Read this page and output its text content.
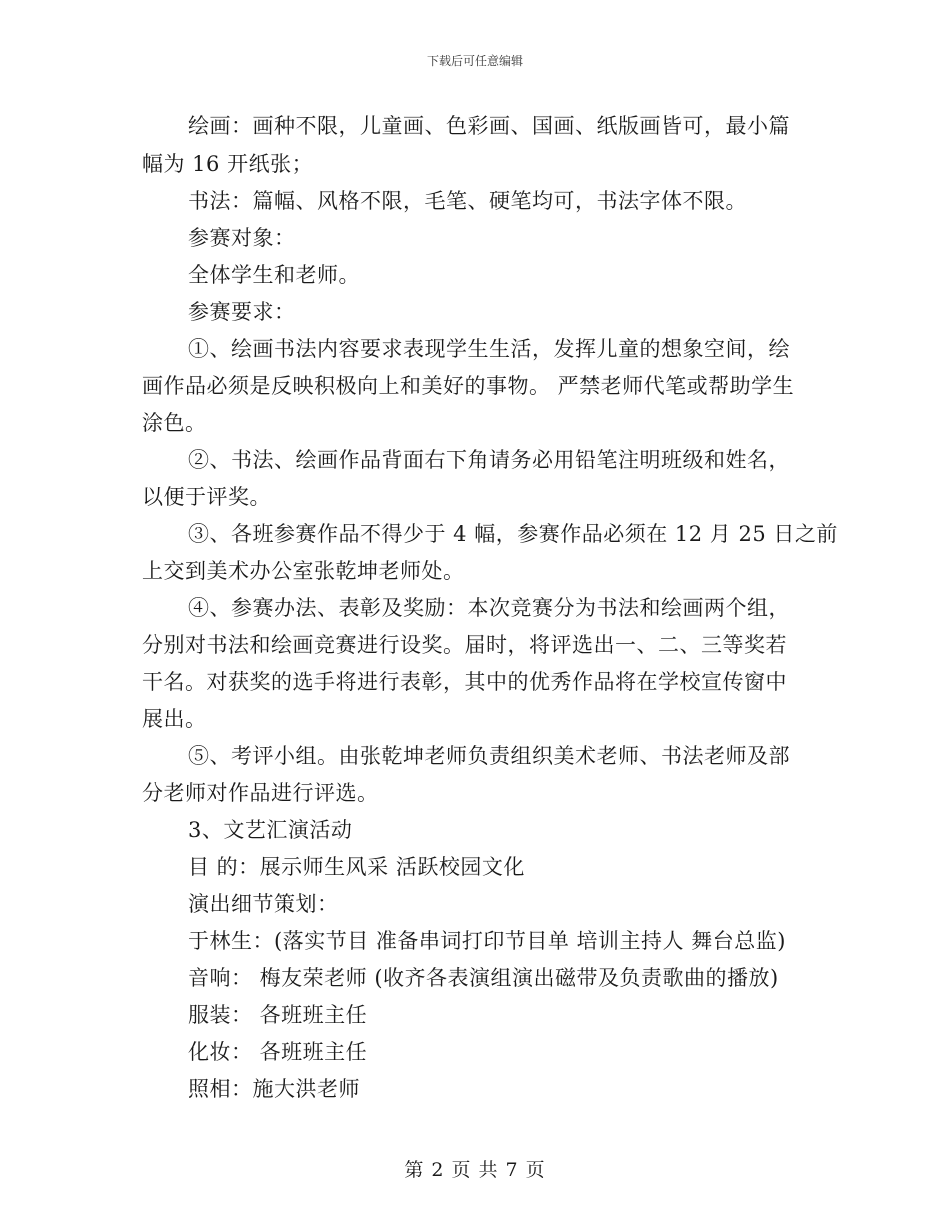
下载后可任意编辑
绘画：画种不限，儿童画、色彩画、国画、纸版画皆可，最小篇
幅为 16 开纸张；
书法：篇幅、风格不限，毛笔、硬笔均可，书法字体不限。
参赛对象：
全体学生和老师。
参赛要求：
①、绘画书法内容要求表现学生生活，发挥儿童的想象空间，绘
画作品必须是反映积极向上和美好的事物。 严禁老师代笔或帮助学生
涂色。
②、书法、绘画作品背面右下角请务必用铅笔注明班级和姓名，
以便于评奖。
③、各班参赛作品不得少于 4 幅，参赛作品必须在 12 月 25 日之前
上交到美术办公室张乾坤老师处。
④、参赛办法、表彰及奖励：本次竞赛分为书法和绘画两个组，
分别对书法和绘画竞赛进行设奖。届时，将评选出一、二、三等奖若
干名。对获奖的选手将进行表彰，其中的优秀作品将在学校宣传窗中
展出。
⑤、考评小组。由张乾坤老师负责组织美术老师、书法老师及部
分老师对作品进行评选。
3、文艺汇演活动
目 的：展示师生风采 活跃校园文化
演出细节策划：
于林生：(落实节目 准备串词打印节目单 培训主持人 舞台总监)
音响： 梅友荣老师 (收齐各表演组演出磁带及负责歌曲的播放)
服装： 各班班主任
化妆： 各班班主任
照相：施大洪老师
第 2 页 共 7 页
